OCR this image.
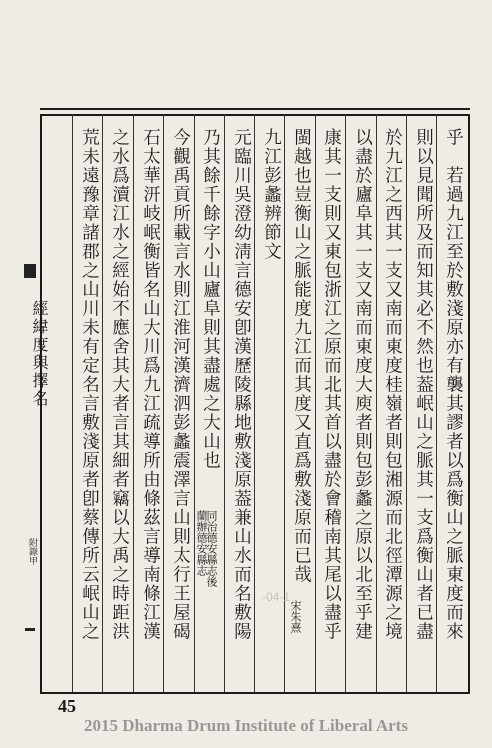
乎　若過九江至於敷淺原亦有襲其謬者以爲衡山之脈東度而來
則以見聞所及而知其必不然也葢岷山之脈其一支爲衡山者已盡
於九江之西其一支又南而東度桂嶺者則包湘源而北徑潭源之境
以盡於廬阜其一支又南而東度大庾者則包彭蠡之原以北至乎建
康其一支則又東包浙江之原而北其首以盡於會稽南其尾以盡乎
閩越也豈衡山之脈能度九江而其度又直爲敷淺原而已哉
宋朱熹
九江彭蠡辨節文
元臨川吳澄幼淸言德安卽漢歷陵縣地敷淺原葢兼山水而名敷陽
乃其餘千餘字小山廬阜則其盡處之大山也
同治德安縣志後
蘭辦德安縣志
今觀禹貢所載言水則江淮河漢濟泗彭蠡震澤言山則太行王屋碣
石太華汧岐岷衡皆名山大川爲九江疏導所由條茲言導南條江漢
之水爲瀆江水之經始不應舍其大者言其細者竊以大禹之時距洪
荒未遠豫章諸郡之山川未有定名言敷淺原者卽蔡傳所云岷山之
經緯度與擇名
附錄甲
-04-1
45
2015 Dharma Drum Institute of Liberal Arts
